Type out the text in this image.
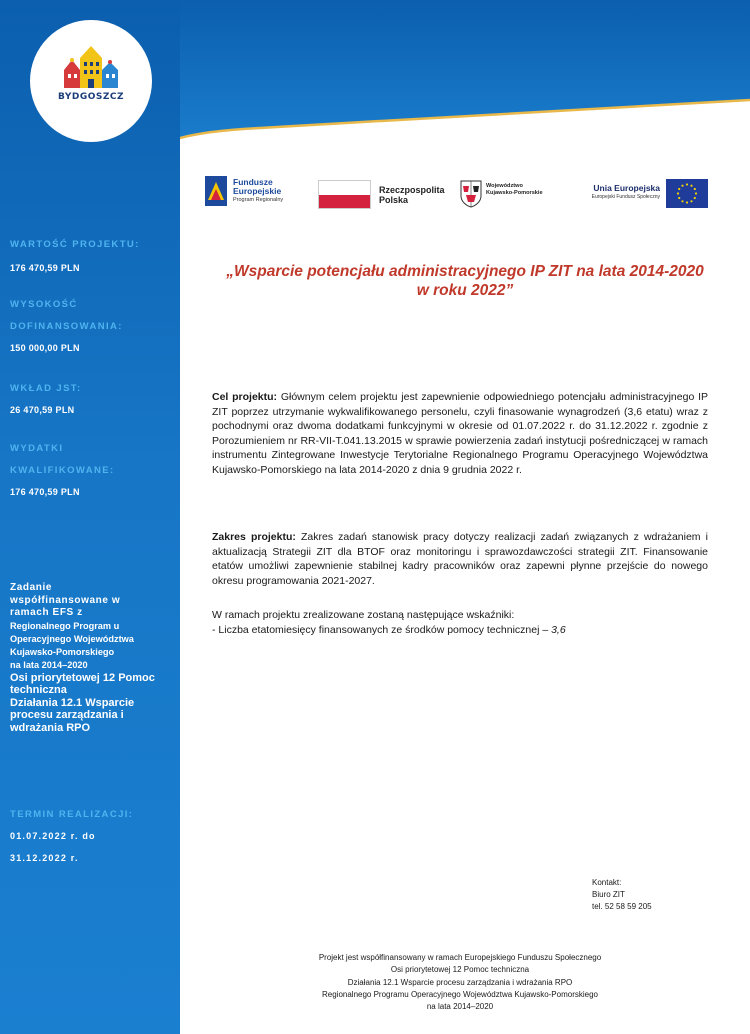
BYDGOSZCZ
WARTOŚĆ PROJEKTU:
176 470,59 PLN
WYSOKOŚĆ
DOFINANSOWANIA:
150 000,00 PLN
WKŁAD JST:
26 470,59 PLN
WYDATKI
KWALIFIKOWANE:
176 470,59 PLN
Zadanie
współfinansowane w
ramach EFS z
Regionalnego Program u
Operacyjnego Województwa
Kujawsko-Pomorskiego
na lata 2014–2020
Osi priorytetowej 12 Pomoc
techniczna
Działania 12.1 Wsparcie
procesu zarządzania i
wdrażania RPO
TERMIN REALIZACJI:
01.07.2022 r. do
31.12.2022 r.
Fundusze
Europejskie
Program Regionalny
Rzeczpospolita
Polska
Województwo
Kujawsko-Pomorskie	Unia Europejska
Europejski Fundusz Społeczny
„Wsparcie potencjału administracyjnego IP ZIT na lata 2014-2020
w roku 2022”
Cel projektu: Głównym celem projektu jest zapewnienie odpowiedniego potencjału administracyjnego IP ZIT poprzez utrzymanie wykwalifikowanego personelu, czyli finasowanie wynagrodzeń (3,6 etatu) wraz z pochodnymi oraz dwoma dodatkami funkcyjnymi w okresie od 01.07.2022 r. do 31.12.2022 r. zgodnie z Porozumieniem nr RR-VII-T.041.13.2015 w sprawie powierzenia zadań instytucji pośredniczącej w ramach instrumentu Zintegrowane Inwestycje Terytorialne Regionalnego Programu Operacyjnego Województwa Kujawsko-Pomorskiego na lata 2014-2020 z dnia 9 grudnia 2022 r.
Zakres projektu: Zakres zadań stanowisk pracy dotyczy realizacji zadań związanych z wdrażaniem i aktualizacją Strategii ZIT dla BTOF oraz monitoringu i sprawozdawczości strategii ZIT. Finansowanie etatów umożliwi zapewnienie stabilnej kadry pracowników oraz zapewni płynne przejście do nowego okresu programowania 2021-2027.
W ramach projektu zrealizowane zostaną następujące wskaźniki:
- Liczba etatomiesięcy finansowanych ze środków pomocy technicznej – 3,6
Kontakt:
Biuro ZIT
tel. 52 58 59 205
Projekt jest współfinansowany w ramach Europejskiego Funduszu Społecznego
Osi priorytetowej 12 Pomoc techniczna
Działania 12.1 Wsparcie procesu zarządzania i wdrażania RPO
Regionalnego Programu Operacyjnego Województwa Kujawsko-Pomorskiego
na lata 2014–2020
